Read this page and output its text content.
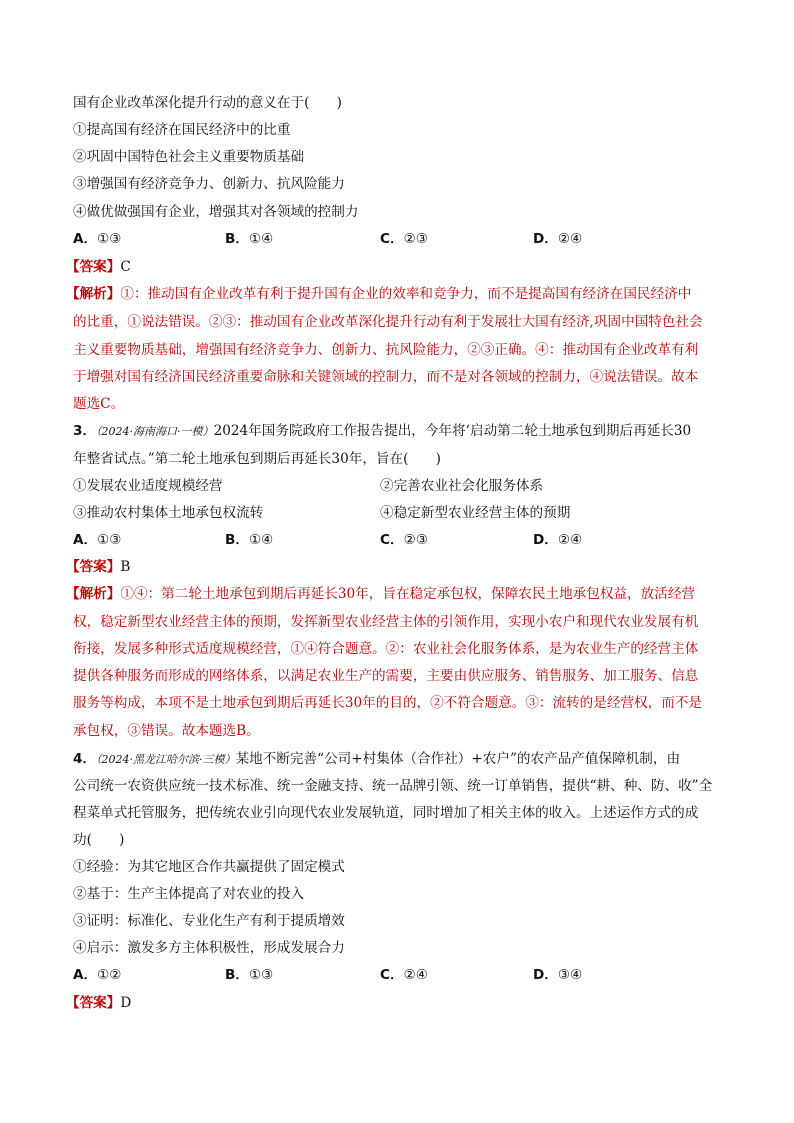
国有企业改革深化提升行动的意义在于(　　)
①提高国有经济在国民经济中的比重
②巩固中国特色社会主义重要物质基础
③增强国有经济竞争力、创新力、抗风险能力
④做优做强国有企业，增强其对各领域的控制力
A．①③	B．①④	C．②③	D．②④
【答案】C
【解析】①：推动国有企业改革有利于提升国有企业的效率和竞争力，而不是提高国有经济在国民经济中
的比重，①说法错误。②③：推动国有企业改革深化提升行动有利于发展壮大国有经济,巩固中国特色社会
主义重要物质基础，增强国有经济竞争力、创新力、抗风险能力，②③正确。④：推动国有企业改革有利
于增强对国有经济国民经济重要命脉和关键领域的控制力，而不是对各领域的控制力，④说法错误。故本
题选C。
3．（2024·海南海口·一模）2024年国务院政府工作报告提出，今年将‘启动第二轮土地承包到期后再延长30
年整省试点。”第二轮土地承包到期后再延长30年，旨在(　　)
①发展农业适度规模经营	②完善农业社会化服务体系
③推动农村集体土地承包权流转	④稳定新型农业经营主体的预期
A．①③	B．①④	C．②③	D．②④
【答案】B
【解析】①④：第二轮土地承包到期后再延长30年，旨在稳定承包权，保障农民土地承包权益，放活经营
权，稳定新型农业经营主体的预期，发挥新型农业经营主体的引领作用，实现小农户和现代农业发展有机
衔接，发展多种形式适度规模经营，①④符合题意。②：农业社会化服务体系，是为农业生产的经营主体
提供各种服务而形成的网络体系，以满足农业生产的需要，主要由供应服务、销售服务、加工服务、信息
服务等构成，本项不是土地承包到期后再延长30年的目的，②不符合题意。③：流转的是经营权，而不是
承包权，③错误。故本题选B。
4．（2024·黑龙江哈尔滨·三模）某地不断完善“公司+村集体（合作社）+农户”的农产品产值保障机制，由
公司统一农资供应统一技术标准、统一金融支持、统一品牌引领、统一订单销售，提供“耕、种、防、收”全
程菜单式托管服务，把传统农业引向现代农业发展轨道，同时增加了相关主体的收入。上述运作方式的成
功(　　)
①经验：为其它地区合作共赢提供了固定模式
②基于：生产主体提高了对农业的投入
③证明：标准化、专业化生产有利于提质增效
④启示：激发多方主体积极性，形成发展合力
A．①②	B．①③	C．②④	D．③④
【答案】D
